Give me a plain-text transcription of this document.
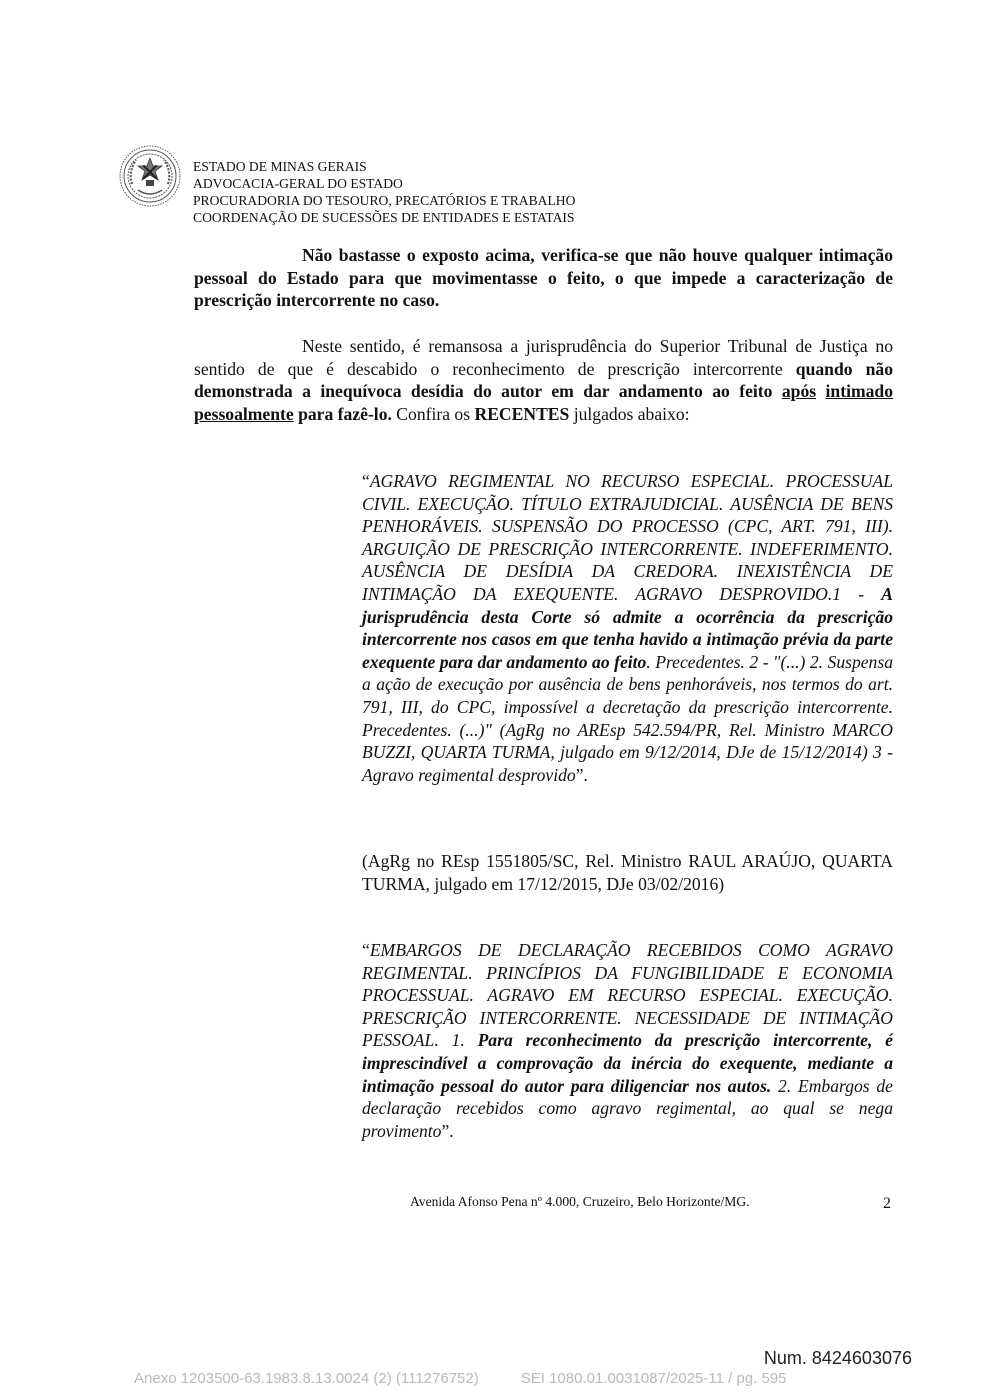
ESTADO DE MINAS GERAIS
ADVOCACIA-GERAL DO ESTADO
PROCURADORIA DO TESOURO, PRECATÓRIOS E TRABALHO
COORDENAÇÃO DE SUCESSÕES DE ENTIDADES E ESTATAIS

Não bastasse o exposto acima, verifica-se que não houve qualquer intimação pessoal do Estado para que movimentasse o feito, o que impede a caracterização de prescrição intercorrente no caso.

Neste sentido, é remansosa a jurisprudência do Superior Tribunal de Justiça no sentido de que é descabido o reconhecimento de prescrição intercorrente quando não demonstrada a inequívoca desídia do autor em dar andamento ao feito após intimado pessoalmente para fazê-lo. Confira os RECENTES julgados abaixo:

“AGRAVO REGIMENTAL NO RECURSO ESPECIAL. PROCESSUAL CIVIL. EXECUÇÃO. TÍTULO EXTRAJUDICIAL. AUSÊNCIA DE BENS PENHORÁVEIS. SUSPENSÃO DO PROCESSO (CPC, ART. 791, III). ARGUIÇÃO DE PRESCRIÇÃO INTERCORRENTE. INDEFERIMENTO. AUSÊNCIA DE DESÍDIA DA CREDORA. INEXISTÊNCIA DE INTIMAÇÃO DA EXEQUENTE. AGRAVO DESPROVIDO.1 - A jurisprudência desta Corte só admite a ocorrência da prescrição intercorrente nos casos em que tenha havido a intimação prévia da parte exequente para dar andamento ao feito. Precedentes. 2 - "(...) 2. Suspensa a ação de execução por ausência de bens penhoráveis, nos termos do art. 791, III, do CPC, impossível a decretação da prescrição intercorrente. Precedentes. (...)" (AgRg no AREsp 542.594/PR, Rel. Ministro MARCO BUZZI, QUARTA TURMA, julgado em 9/12/2014, DJe de 15/12/2014) 3 - Agravo regimental desprovido”.

(AgRg no REsp 1551805/SC, Rel. Ministro RAUL ARAÚJO, QUARTA TURMA, julgado em 17/12/2015, DJe 03/02/2016)

“EMBARGOS DE DECLARAÇÃO RECEBIDOS COMO AGRAVO REGIMENTAL. PRINCÍPIOS DA FUNGIBILIDADE E ECONOMIA PROCESSUAL. AGRAVO EM RECURSO ESPECIAL. EXECUÇÃO. PRESCRIÇÃO INTERCORRENTE. NECESSIDADE DE INTIMAÇÃO PESSOAL. 1. Para reconhecimento da prescrição intercorrente, é imprescindível a comprovação da inércia do exequente, mediante a intimação pessoal do autor para diligenciar nos autos. 2. Embargos de declaração recebidos como agravo regimental, ao qual se nega provimento”.

Avenida Afonso Pena nº 4.000, Cruzeiro, Belo Horizonte/MG.	2
Num. 8424603076
Anexo 1203500-63.1983.8.13.0024 (2) (111276752)	SEI 1080.01.0031087/2025-11 / pg. 595
